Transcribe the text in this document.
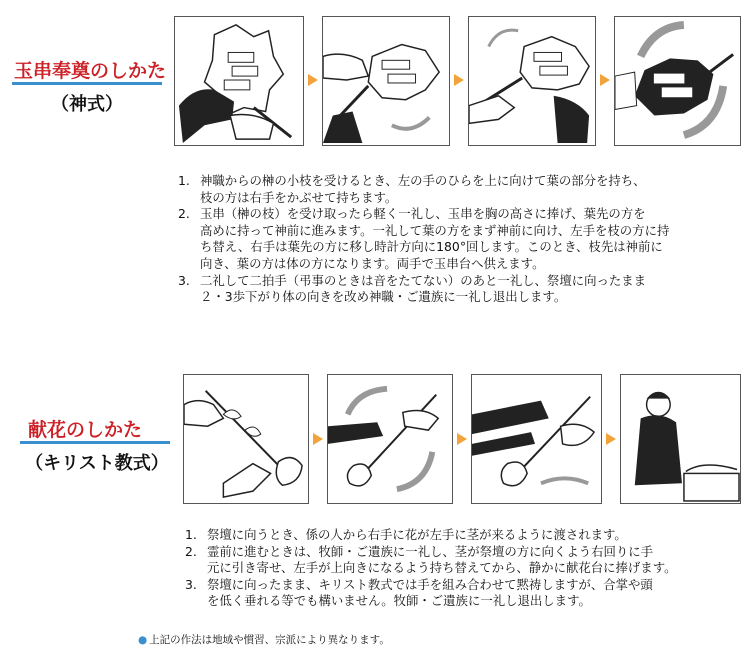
玉串奉奠のしかた
（神式）
1. 神職からの榊の小枝を受けるとき、左の手のひらを上に向けて葉の部分を持ち、
枝の方は右手をかぶせて持ちます。
2. 玉串（榊の枝）を受け取ったら軽く一礼し、玉串を胸の高さに捧げ、葉先の方を
高めに持って神前に進みます。一礼して葉の方をまず神前に向け、左手を枝の方に持
ち替え、右手は葉先の方に移し時計方向に180°回します。このとき、枝先は神前に
向き、葉の方は体の方になります。両手で玉串台へ供えます。
3. 二礼して二拍手（弔事のときは音をたてない）のあと一礼し、祭壇に向ったまま
２・3歩下がり体の向きを改め神職・ご遺族に一礼し退出します。
献花のしかた
（キリスト教式）
1. 祭壇に向うとき、係の人から右手に花が左手に茎が来るように渡されます。
2. 霊前に進むときは、牧師・ご遺族に一礼し、茎が祭壇の方に向くよう右回りに手
元に引き寄せ、左手が上向きになるよう持ち替えてから、静かに献花台に捧げます。
3. 祭壇に向ったまま、キリスト教式では手を組み合わせて黙祷しますが、合掌や頭
を低く垂れる等でも構いません。牧師・ご遺族に一礼し退出します。
● 上記の作法は地域や慣習、宗派により異なります。
